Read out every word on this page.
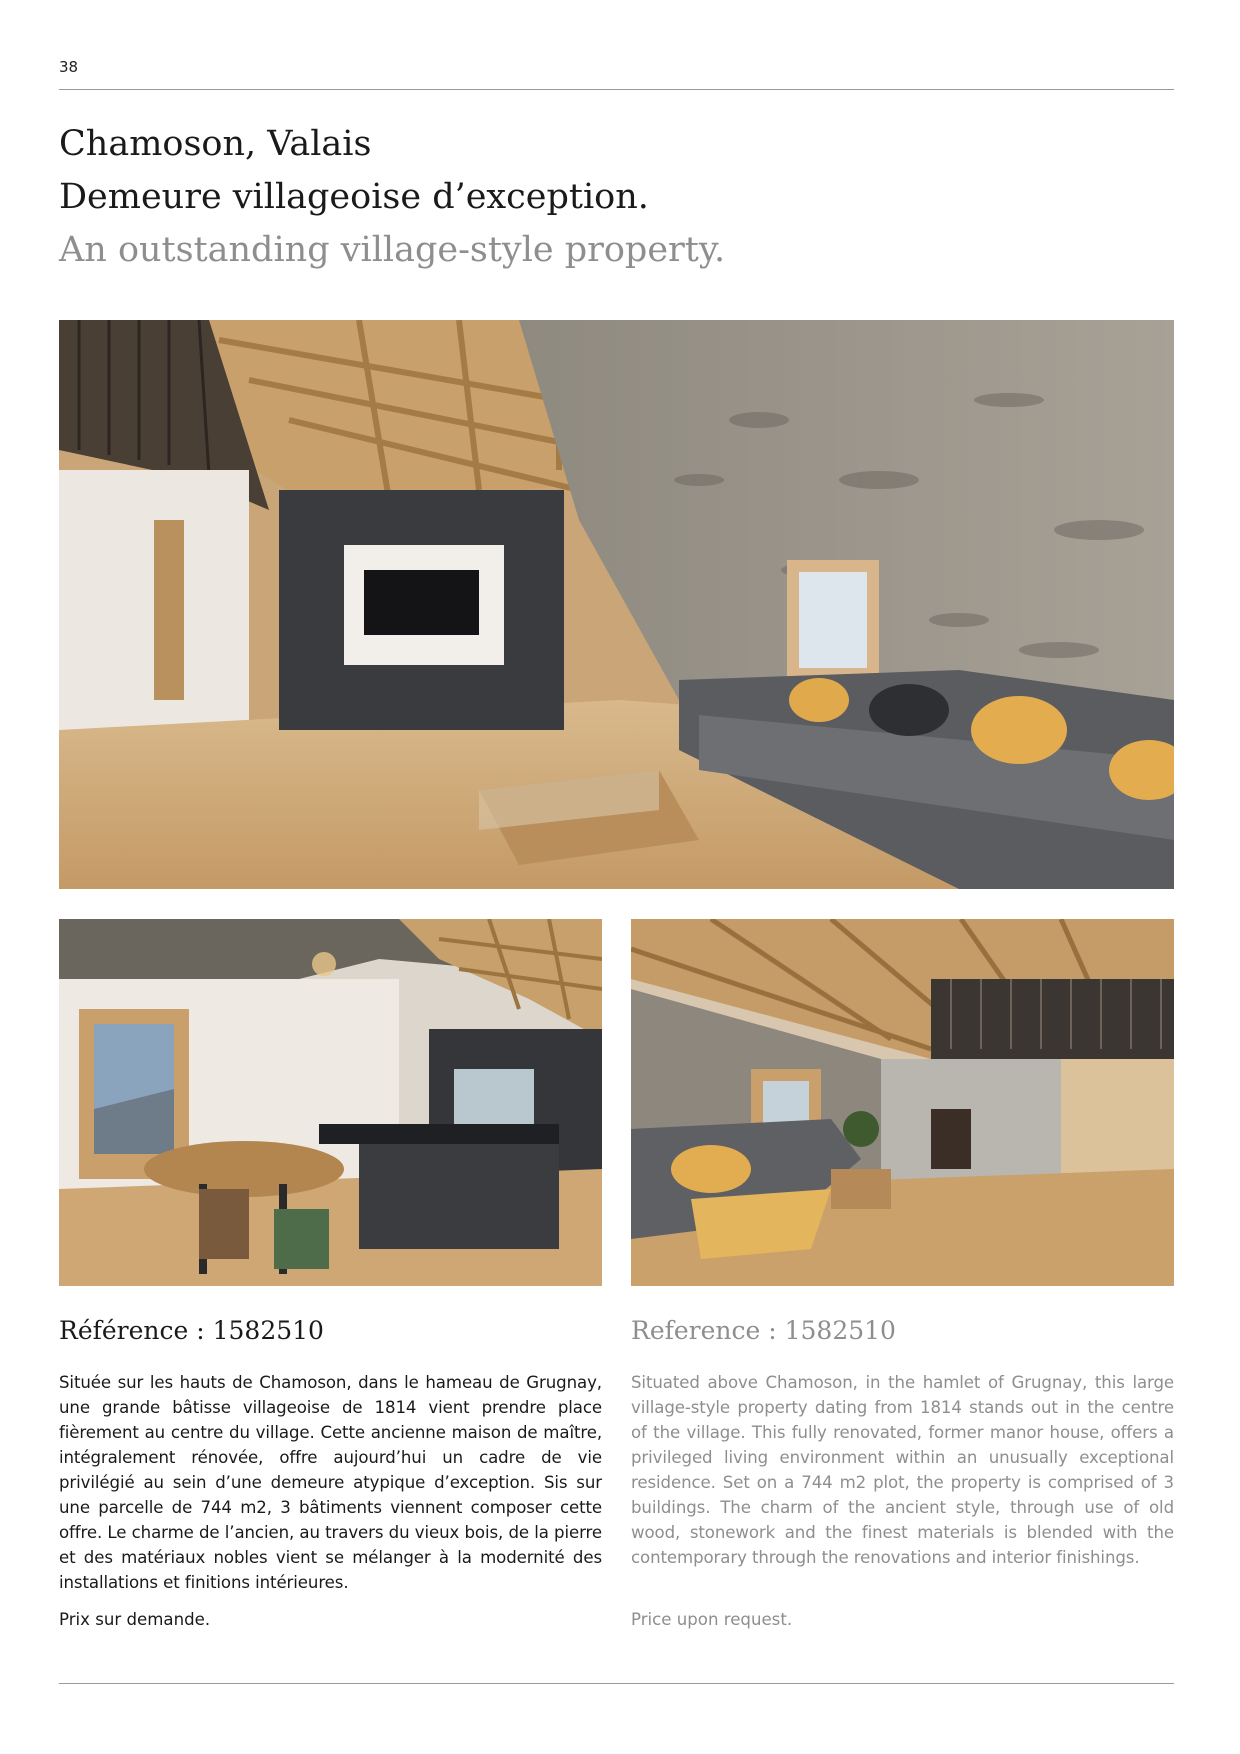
38
Chamoson, Valais
Demeure villageoise d’exception.
An outstanding village-style property.
Référence : 1582510	Reference : 1582510

Située sur les hauts de Chamoson, dans le hameau de Grugnay, une grande bâtisse villageoise de 1814 vient prendre place fièrement au centre du village. Cette ancienne maison de maître, intégralement rénovée, offre aujourd’hui un cadre de vie privilégié au sein d’une demeure atypique d’exception. Sis sur une parcelle de 744 m2, 3 bâtiments viennent composer cette offre. Le charme de l’ancien, au travers du vieux bois, de la pierre et des matériaux nobles vient se mélanger à la modernité des installations et finitions intérieures.

Situated above Chamoson, in the hamlet of Grugnay, this large village-style property dating from 1814 stands out in the centre of the village. This fully renovated, former manor house, offers a privileged living environment within an unusually exceptional residence. Set on a 744 m2 plot, the property is comprised of 3 buildings. The charm of the ancient style, through use of old wood, stonework and the finest materials is blended with the contemporary through the renovations and interior finishings.

Prix sur demande.	Price upon request.
